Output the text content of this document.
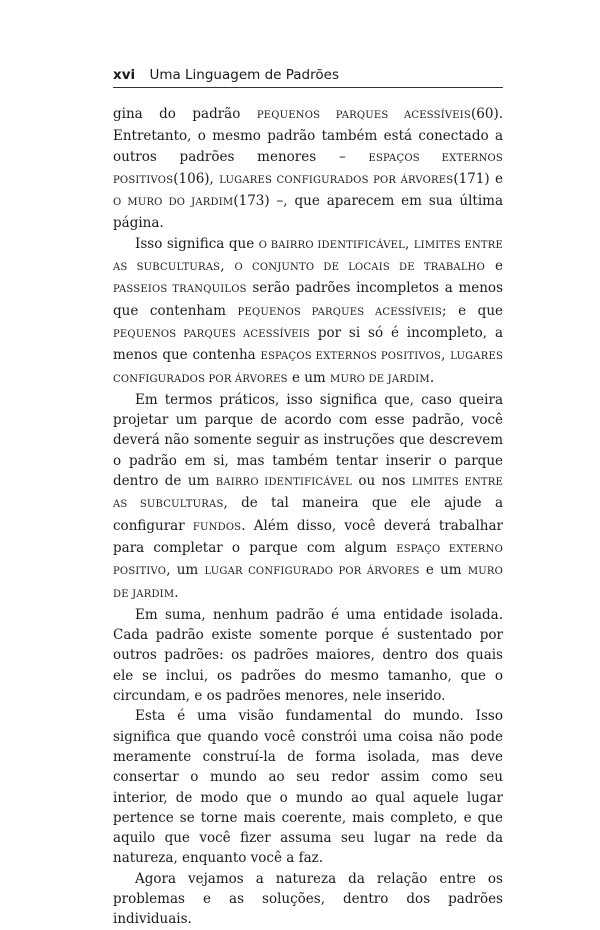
xvi Uma Linguagem de Padrões

gina do padrão PEQUENOS PARQUES ACESSÍVEIS(60). Entretanto, o mesmo padrão também está conectado a outros padrões menores – ESPAÇOS EXTERNOS POSITIVOS(106), LUGARES CONFIGURADOS POR ÁRVORES(171) e O MURO DO JARDIM(173) –, que aparecem em sua última página.

Isso significa que O BAIRRO IDENTIFICÁVEL, LIMITES ENTRE AS SUBCULTURAS, O CONJUNTO DE LOCAIS DE TRABALHO e PASSEIOS TRANQUILOS serão padrões incompletos a menos que contenham PEQUENOS PARQUES ACESSÍVEIS; e que PEQUENOS PARQUES ACESSÍVEIS por si só é incompleto, a menos que contenha ESPAÇOS EXTERNOS POSITIVOS, LUGARES CONFIGURADOS POR ÁRVORES e um MURO DE JARDIM.

Em termos práticos, isso significa que, caso queira projetar um parque de acordo com esse padrão, você deverá não somente seguir as instruções que descrevem o padrão em si, mas também tentar inserir o parque dentro de um BAIRRO IDENTIFICÁVEL ou nos LIMITES ENTRE AS SUBCULTURAS, de tal maneira que ele ajude a configurar FUNDOS. Além disso, você deverá trabalhar para completar o parque com algum ESPAÇO EXTERNO POSITIVO, um LUGAR CONFIGURADO POR ÁRVORES e um MURO DE JARDIM.

Em suma, nenhum padrão é uma entidade isolada. Cada padrão existe somente porque é sustentado por outros padrões: os padrões maiores, dentro dos quais ele se inclui, os padrões do mesmo tamanho, que o circundam, e os padrões menores, nele inserido.

Esta é uma visão fundamental do mundo. Isso significa que quando você constrói uma coisa não pode meramente construí-la de forma isolada, mas deve consertar o mundo ao seu redor assim como seu interior, de modo que o mundo ao qual aquele lugar pertence se torne mais coerente, mais completo, e que aquilo que você fizer assuma seu lugar na rede da natureza, enquanto você a faz.

Agora vejamos a natureza da relação entre os problemas e as soluções, dentro dos padrões individuais.
